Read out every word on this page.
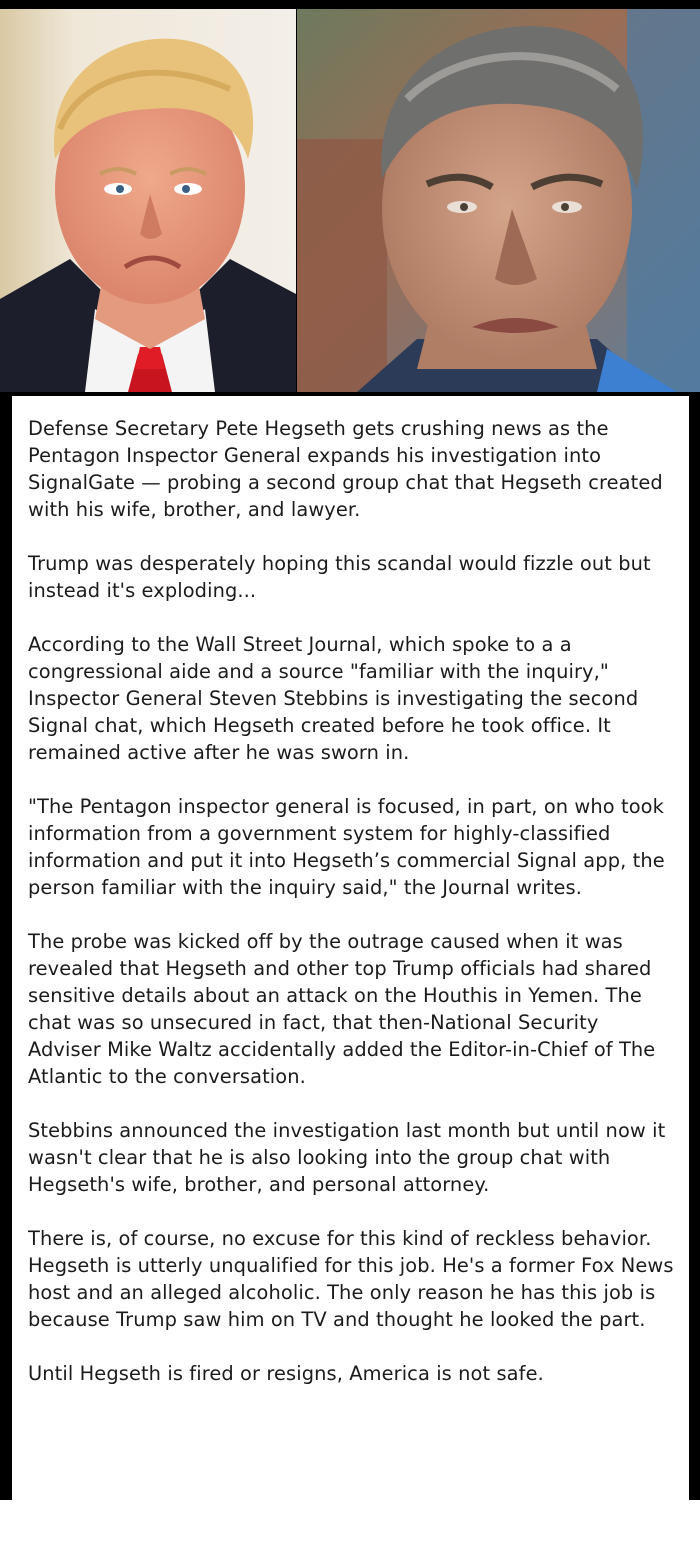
Defense Secretary Pete Hegseth gets crushing news as the Pentagon Inspector General expands his investigation into SignalGate — probing a second group chat that Hegseth created with his wife, brother, and lawyer.

Trump was desperately hoping this scandal would fizzle out but instead it's exploding...

According to the Wall Street Journal, which spoke to a a congressional aide and a source "familiar with the inquiry," Inspector General Steven Stebbins is investigating the second Signal chat, which Hegseth created before he took office. It remained active after he was sworn in.

"The Pentagon inspector general is focused, in part, on who took information from a government system for highly-classified information and put it into Hegseth’s commercial Signal app, the person familiar with the inquiry said," the Journal writes.

The probe was kicked off by the outrage caused when it was revealed that Hegseth and other top Trump officials had shared sensitive details about an attack on the Houthis in Yemen. The chat was so unsecured in fact, that then-National Security Adviser Mike Waltz accidentally added the Editor-in-Chief of The Atlantic to the conversation.

Stebbins announced the investigation last month but until now it wasn't clear that he is also looking into the group chat with Hegseth's wife, brother, and personal attorney.

There is, of course, no excuse for this kind of reckless behavior. Hegseth is utterly unqualified for this job. He's a former Fox News host and an alleged alcoholic. The only reason he has this job is because Trump saw him on TV and thought he looked the part.

Until Hegseth is fired or resigns, America is not safe.
